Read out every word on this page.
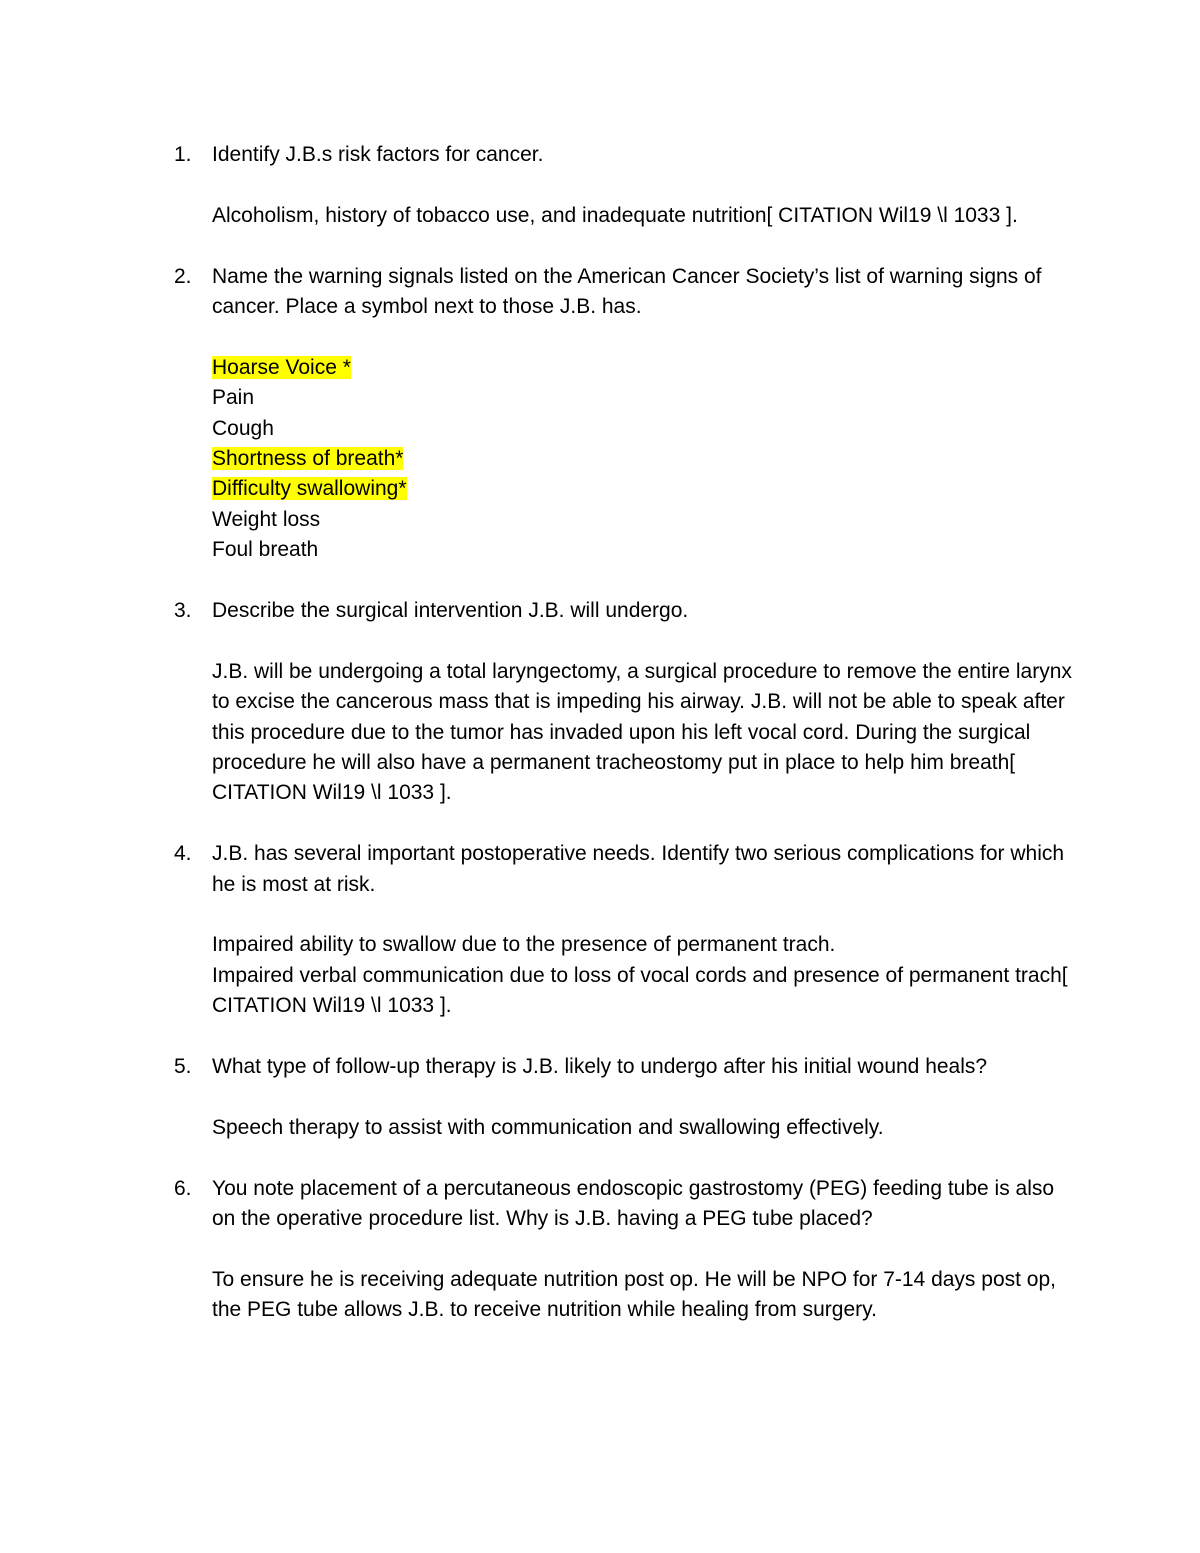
1. Identify J.B.s risk factors for cancer.
Alcoholism, history of tobacco use, and inadequate nutrition[ CITATION Wil19 \l 1033 ].
2. Name the warning signals listed on the American Cancer Society’s list of warning signs of cancer. Place a symbol next to those J.B. has.
Hoarse Voice *
Pain
Cough
Shortness of breath*
Difficulty swallowing*
Weight loss
Foul breath
3. Describe the surgical intervention J.B. will undergo.
J.B. will be undergoing a total laryngectomy, a surgical procedure to remove the entire larynx to excise the cancerous mass that is impeding his airway. J.B. will not be able to speak after this procedure due to the tumor has invaded upon his left vocal cord. During the surgical procedure he will also have a permanent tracheostomy put in place to help him breath[ CITATION Wil19 \l 1033 ].
4. J.B. has several important postoperative needs. Identify two serious complications for which he is most at risk.
Impaired ability to swallow due to the presence of permanent trach.
Impaired verbal communication due to loss of vocal cords and presence of permanent trach[ CITATION Wil19 \l 1033 ].
5. What type of follow-up therapy is J.B. likely to undergo after his initial wound heals?
Speech therapy to assist with communication and swallowing effectively.
6. You note placement of a percutaneous endoscopic gastrostomy (PEG) feeding tube is also on the operative procedure list. Why is J.B. having a PEG tube placed?
To ensure he is receiving adequate nutrition post op. He will be NPO for 7-14 days post op, the PEG tube allows J.B. to receive nutrition while healing from surgery.
